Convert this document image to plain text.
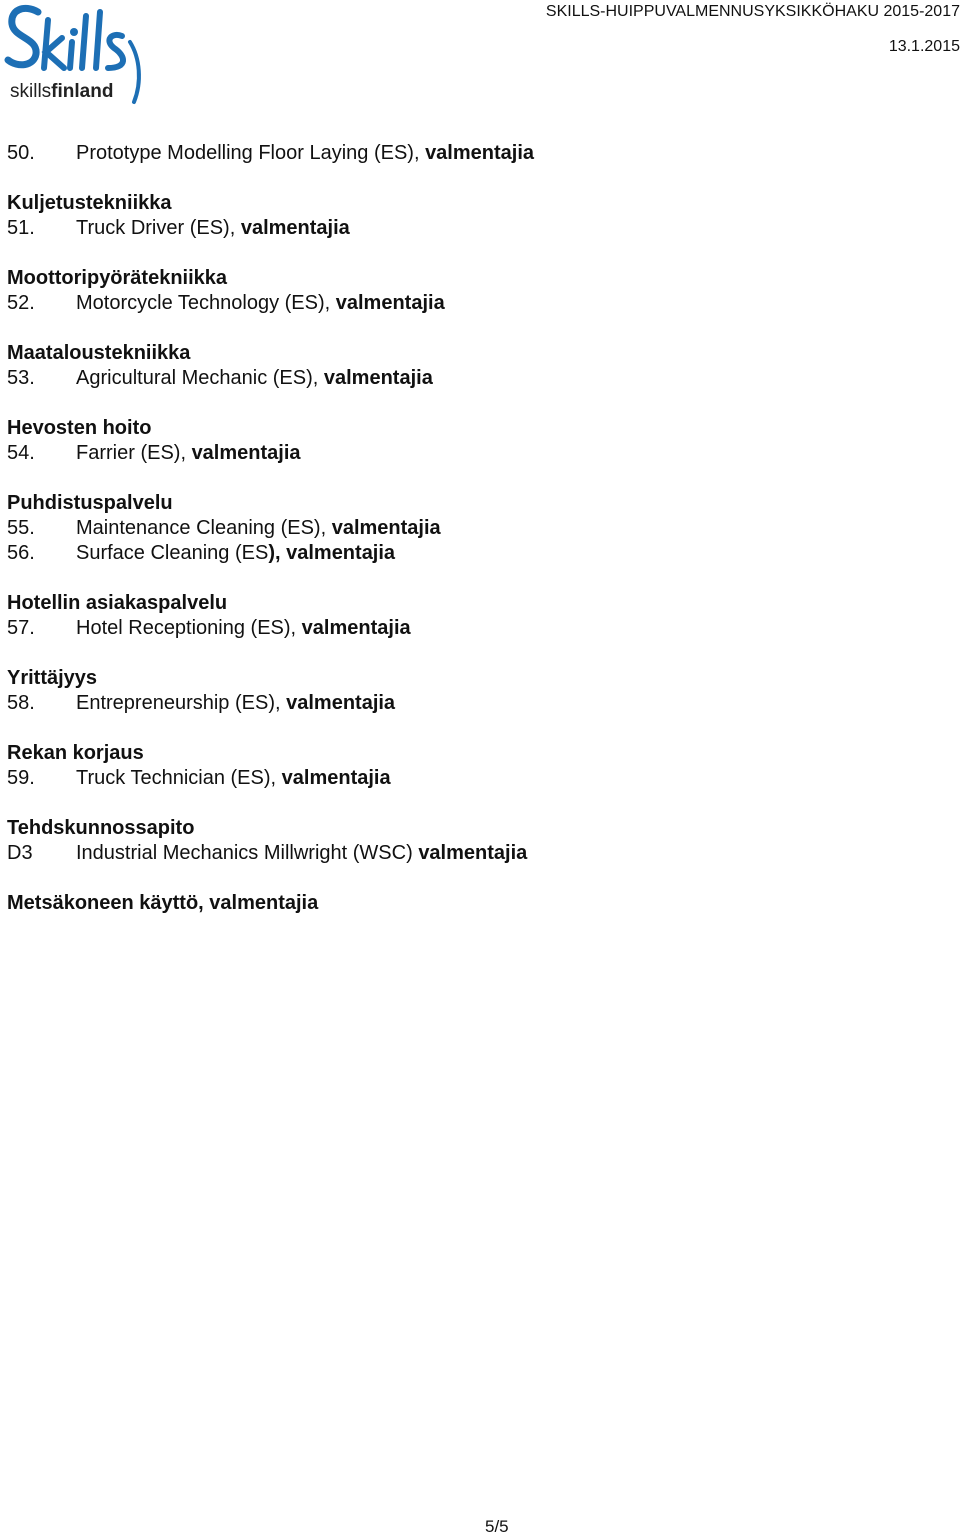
skillsfinland
SKILLS-HUIPPUVALMENNUSYKSIKKÖHAKU 2015-2017
13.1.2015
50. Prototype Modelling Floor Laying (ES), valmentajia
Kuljetustekniikka
51. Truck Driver (ES), valmentajia
Moottoripyörätekniikka
52. Motorcycle Technology (ES), valmentajia
Maataloustekniikka
53. Agricultural Mechanic (ES), valmentajia
Hevosten hoito
54. Farrier (ES), valmentajia
Puhdistuspalvelu
55. Maintenance Cleaning (ES), valmentajia
56. Surface Cleaning (ES), valmentajia
Hotellin asiakaspalvelu
57. Hotel Receptioning (ES), valmentajia
Yrittäjyys
58. Entrepreneurship (ES), valmentajia
Rekan korjaus
59. Truck Technician (ES), valmentajia
Tehdskunnossapito
D3 Industrial Mechanics Millwright (WSC) valmentajia
Metsäkoneen käyttö, valmentajia
5/5
